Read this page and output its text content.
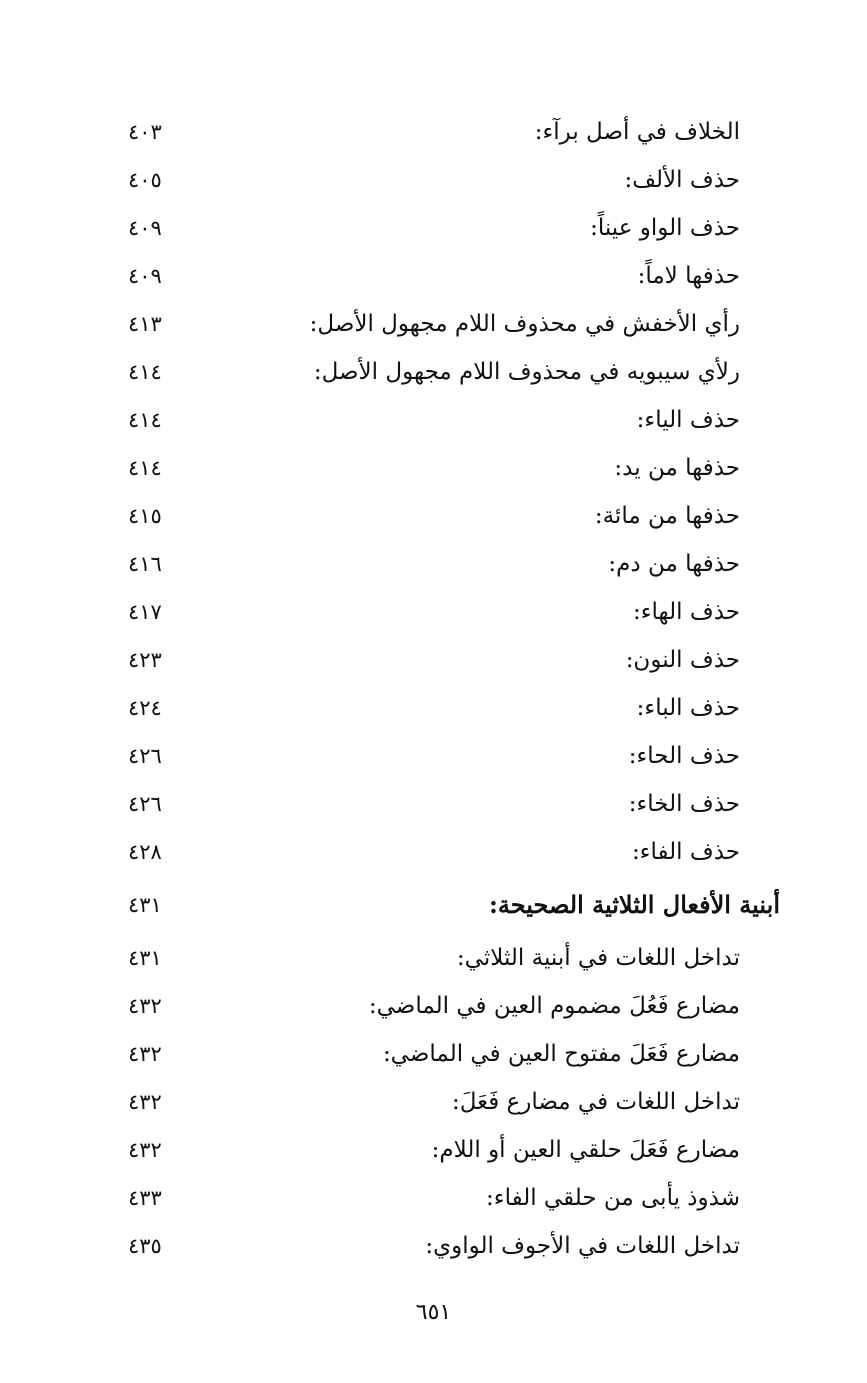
الخلاف في أصل برآء:
٤٠٣
حذف الألف:
٤٠٥
حذف الواو عيناً:
٤٠٩
حذفها لاماً:
٤٠٩
رأي الأخفش في محذوف اللام مجهول الأصل:
٤١٣
رلأي سيبويه في محذوف اللام مجهول الأصل:
٤١٤
حذف الياء:
٤١٤
حذفها من يد:
٤١٤
حذفها من مائة:
٤١٥
حذفها من دم:
٤١٦
حذف الهاء:
٤١٧
حذف النون:
٤٢٣
حذف الباء:
٤٢٤
حذف الحاء:
٤٢٦
حذف الخاء:
٤٢٦
حذف الفاء:
٤٢٨
أبنية الأفعال الثلاثية الصحيحة:
٤٣١
تداخل اللغات في أبنية الثلاثي:
٤٣١
مضارع فَعُلَ مضموم العين في الماضي:
٤٣٢
مضارع فَعَلَ مفتوح العين في الماضي:
٤٣٢
تداخل اللغات في مضارع فَعَلَ:
٤٣٢
مضارع فَعَلَ حلقي العين أو اللام:
٤٣٢
شذوذ يأبى من حلقي الفاء:
٤٣٣
تداخل اللغات في الأجوف الواوي:
٤٣٥
٦٥١
